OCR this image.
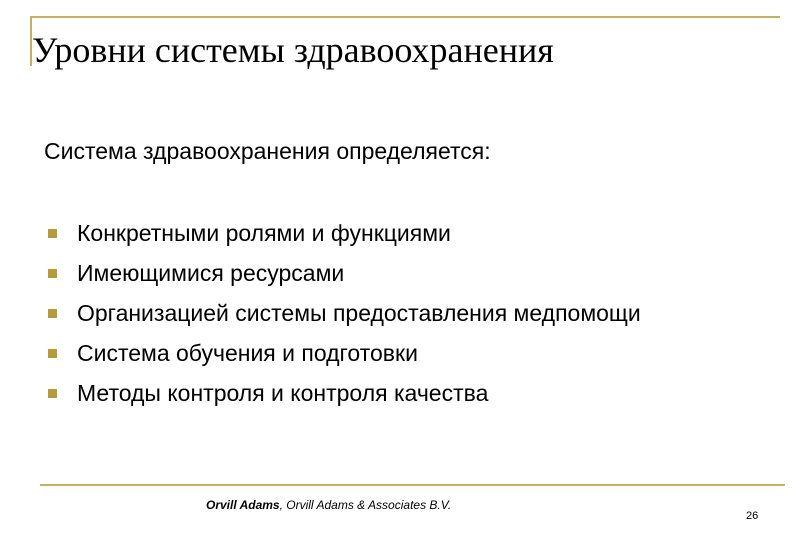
Уровни системы здравоохранения
Система здравоохранения определяется:
Конкретными ролями и функциями
Имеющимися ресурсами
Организацией системы предоставления медпомощи
Система обучения и подготовки
Методы контроля и контроля качества
Orvill Adams, Orvill Adams & Associates B.V.
26
